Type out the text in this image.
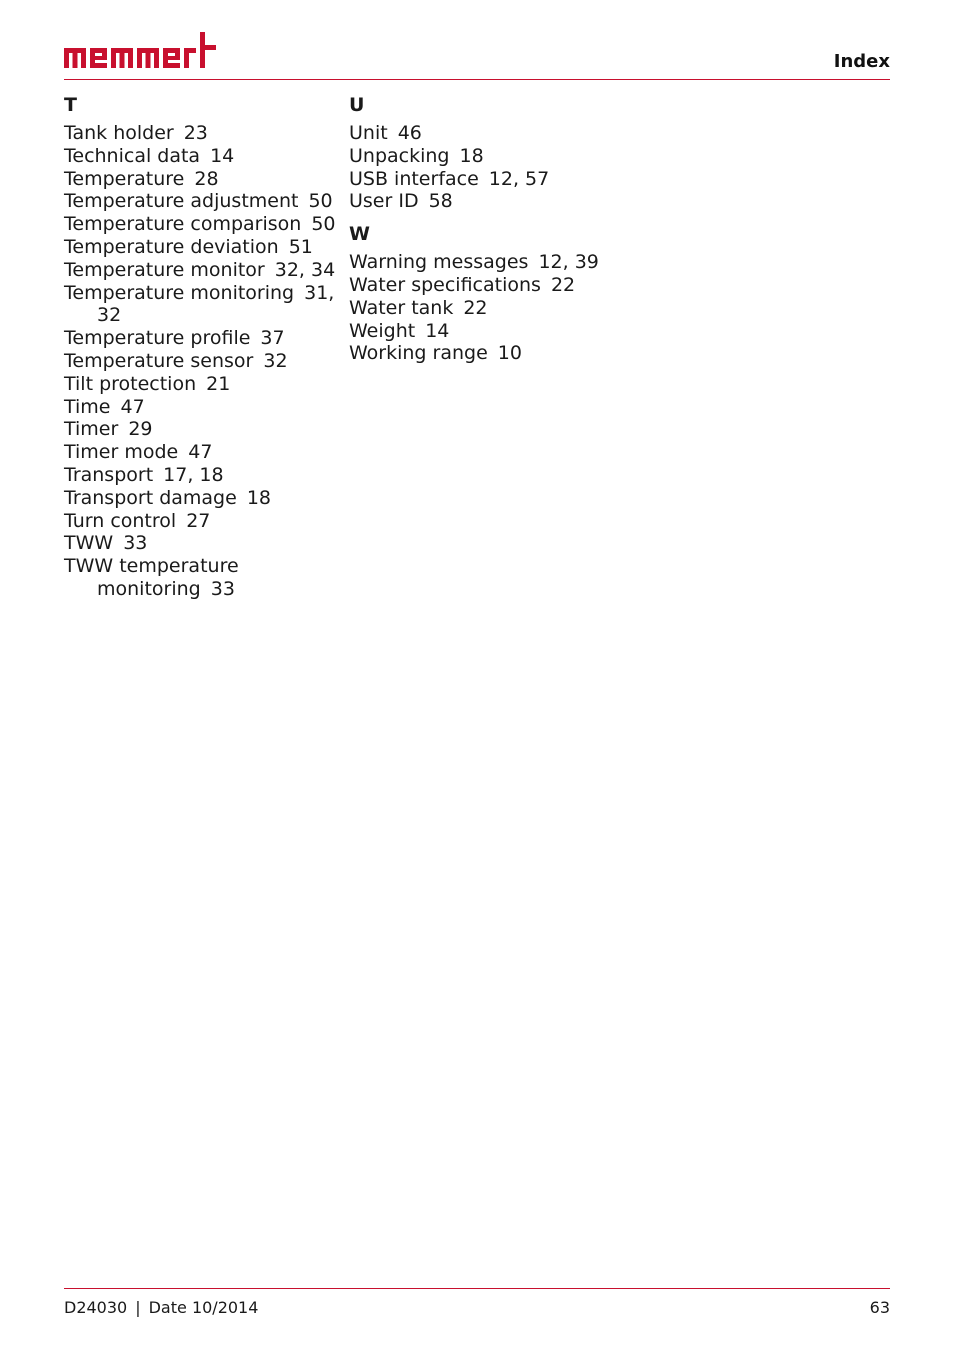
Index
T
Tank holder 23
Technical data 14
Temperature 28
Temperature adjustment 50
Temperature comparison 50
Temperature deviation 51
Temperature monitor 32, 34
Temperature monitoring 31, 32
Temperature profile 37
Temperature sensor 32
Tilt protection 21
Time 47
Timer 29
Timer mode 47
Transport 17, 18
Transport damage 18
Turn control 27
TWW 33
TWW temperature monitoring 33
U
Unit 46
Unpacking 18
USB interface 12, 57
User ID 58
W
Warning messages 12, 39
Water specifications 22
Water tank 22
Weight 14
Working range 10
D24030 | Date 10/2014	63
